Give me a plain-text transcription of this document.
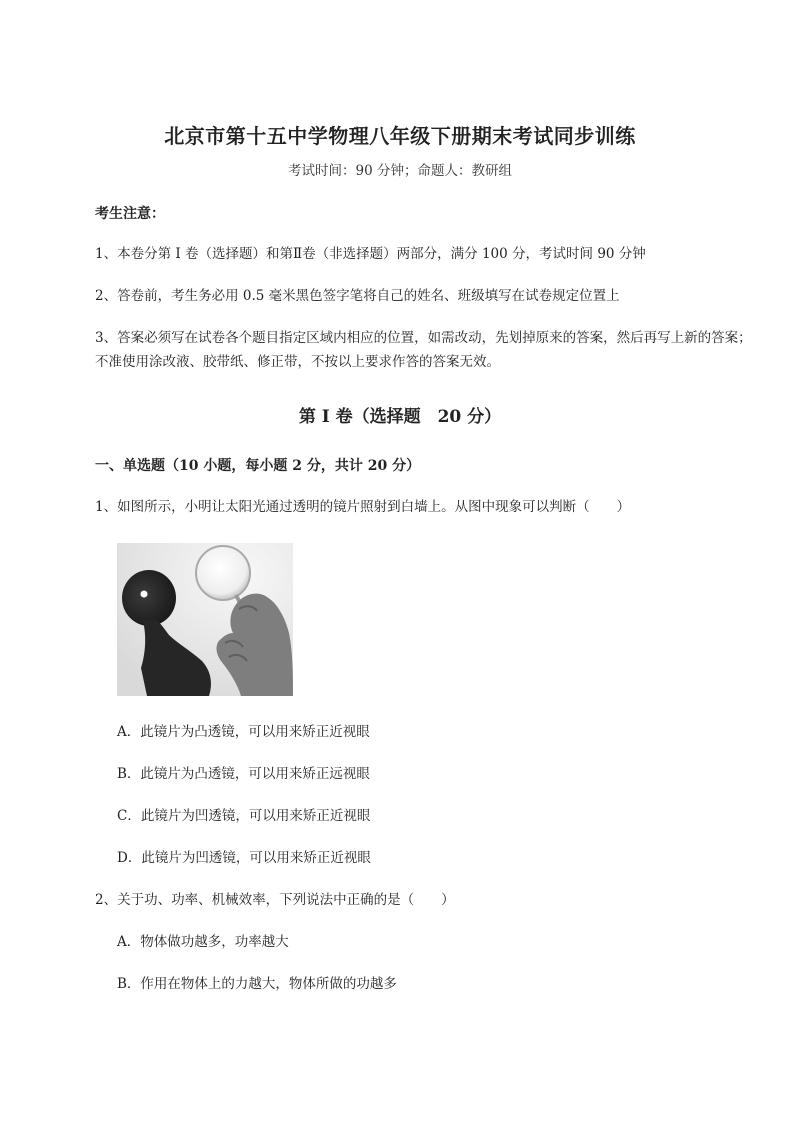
北京市第十五中学物理八年级下册期末考试同步训练
考试时间：90 分钟；命题人：教研组
考生注意：
1、本卷分第 I 卷（选择题）和第Ⅱ卷（非选择题）两部分，满分 100 分，考试时间 90 分钟
2、答卷前，考生务必用 0.5 毫米黑色签字笔将自己的姓名、班级填写在试卷规定位置上
3、答案必须写在试卷各个题目指定区域内相应的位置，如需改动，先划掉原来的答案，然后再写上新的答案；不准使用涂改液、胶带纸、修正带，不按以上要求作答的答案无效。
第 I 卷（选择题　20 分）
一、单选题（10 小题，每小题 2 分，共计 20 分）
1、如图所示，小明让太阳光通过透明的镜片照射到白墙上。从图中现象可以判断（　　）
A．此镜片为凸透镜，可以用来矫正近视眼
B．此镜片为凸透镜，可以用来矫正远视眼
C．此镜片为凹透镜，可以用来矫正近视眼
D．此镜片为凹透镜，可以用来矫正近视眼
2、关于功、功率、机械效率，下列说法中正确的是（　　）
A．物体做功越多，功率越大
B．作用在物体上的力越大，物体所做的功越多
